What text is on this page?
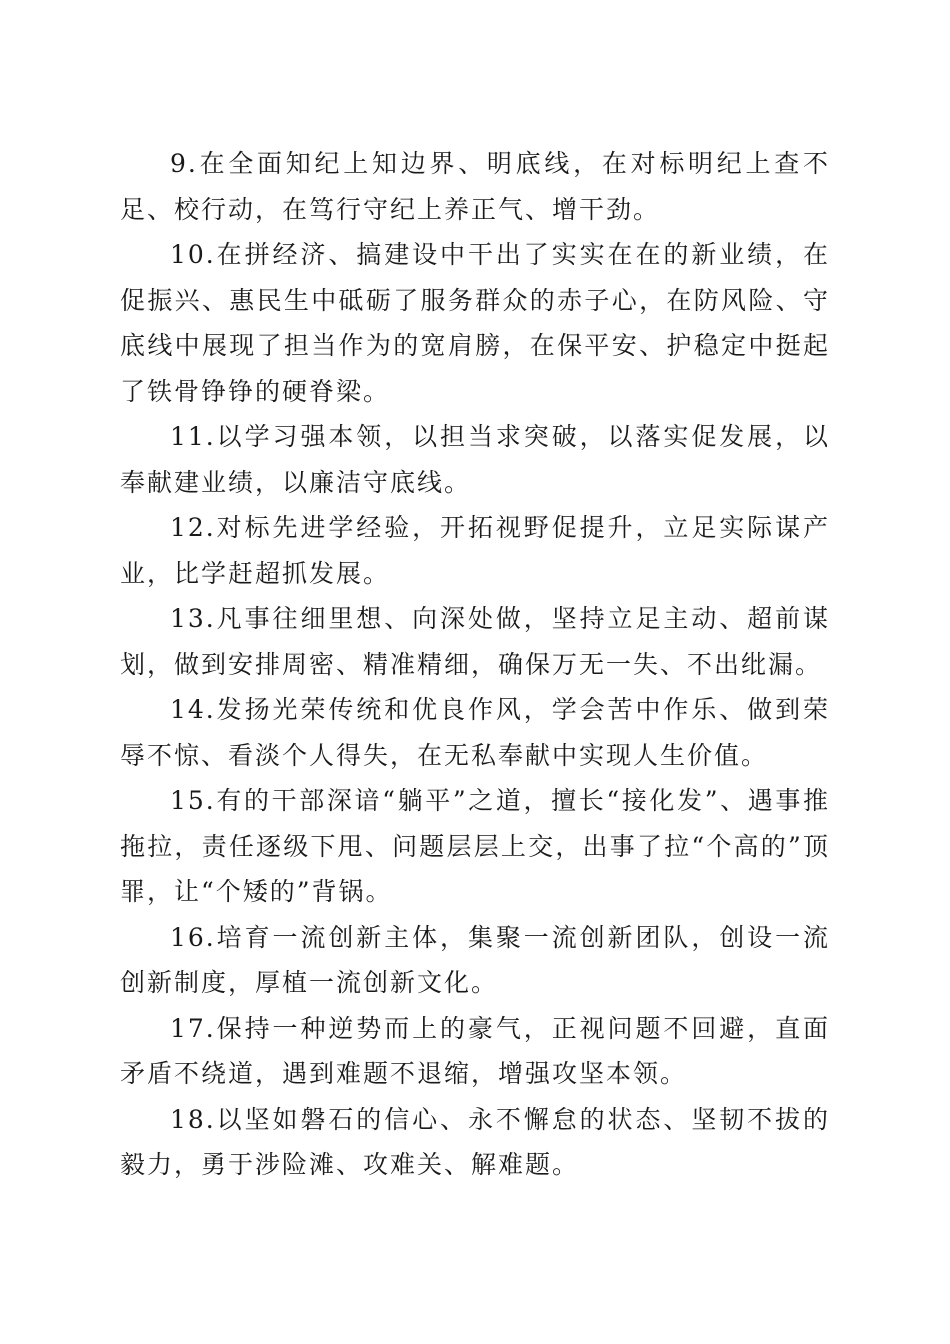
9.在全面知纪上知边界、明底线，在对标明纪上查不足、校行动，在笃行守纪上养正气、增干劲。

10.在拼经济、搞建设中干出了实实在在的新业绩，在促振兴、惠民生中砥砺了服务群众的赤子心，在防风险、守底线中展现了担当作为的宽肩膀，在保平安、护稳定中挺起了铁骨铮铮的硬脊梁。

11.以学习强本领，以担当求突破，以落实促发展，以奉献建业绩，以廉洁守底线。

12.对标先进学经验，开拓视野促提升，立足实际谋产业，比学赶超抓发展。

13.凡事往细里想、向深处做，坚持立足主动、超前谋划，做到安排周密、精准精细，确保万无一失、不出纰漏。

14.发扬光荣传统和优良作风，学会苦中作乐、做到荣辱不惊、看淡个人得失，在无私奉献中实现人生价值。

15.有的干部深谙“躺平”之道，擅长“接化发”、遇事推拖拉，责任逐级下甩、问题层层上交，出事了拉“个高的”顶罪，让“个矮的”背锅。

16.培育一流创新主体，集聚一流创新团队，创设一流创新制度，厚植一流创新文化。

17.保持一种逆势而上的豪气，正视问题不回避，直面矛盾不绕道，遇到难题不退缩，增强攻坚本领。

18.以坚如磐石的信心、永不懈怠的状态、坚韧不拔的毅力，勇于涉险滩、攻难关、解难题。
